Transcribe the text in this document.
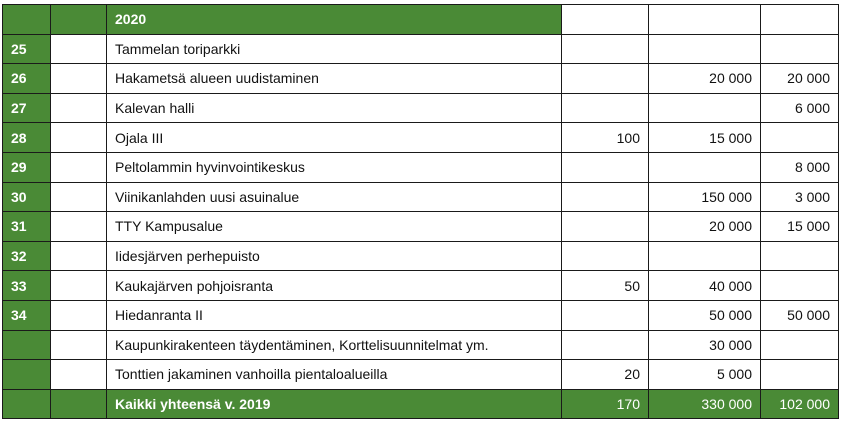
		2020			
25		Tammelan toriparkki			
26		Hakametsä alueen uudistaminen		20 000	20 000
27		Kalevan halli			6 000
28		Ojala III	100	15 000	
29		Peltolammin hyvinvointikeskus			8 000
30		Viinikanlahden uusi asuinalue		150 000	3 000
31		TTY Kampusalue		20 000	15 000
32		Iidesjärven perhepuisto			
33		Kaukajärven pohjoisranta	50	40 000	
34		Hiedanranta II		50 000	50 000
		Kaupunkirakenteen täydentäminen, Korttelisuunnitelmat ym.		30 000	
		Tonttien jakaminen vanhoilla pientaloalueilla	20	5 000	
		Kaikki yhteensä v. 2019	170	330 000	102 000
